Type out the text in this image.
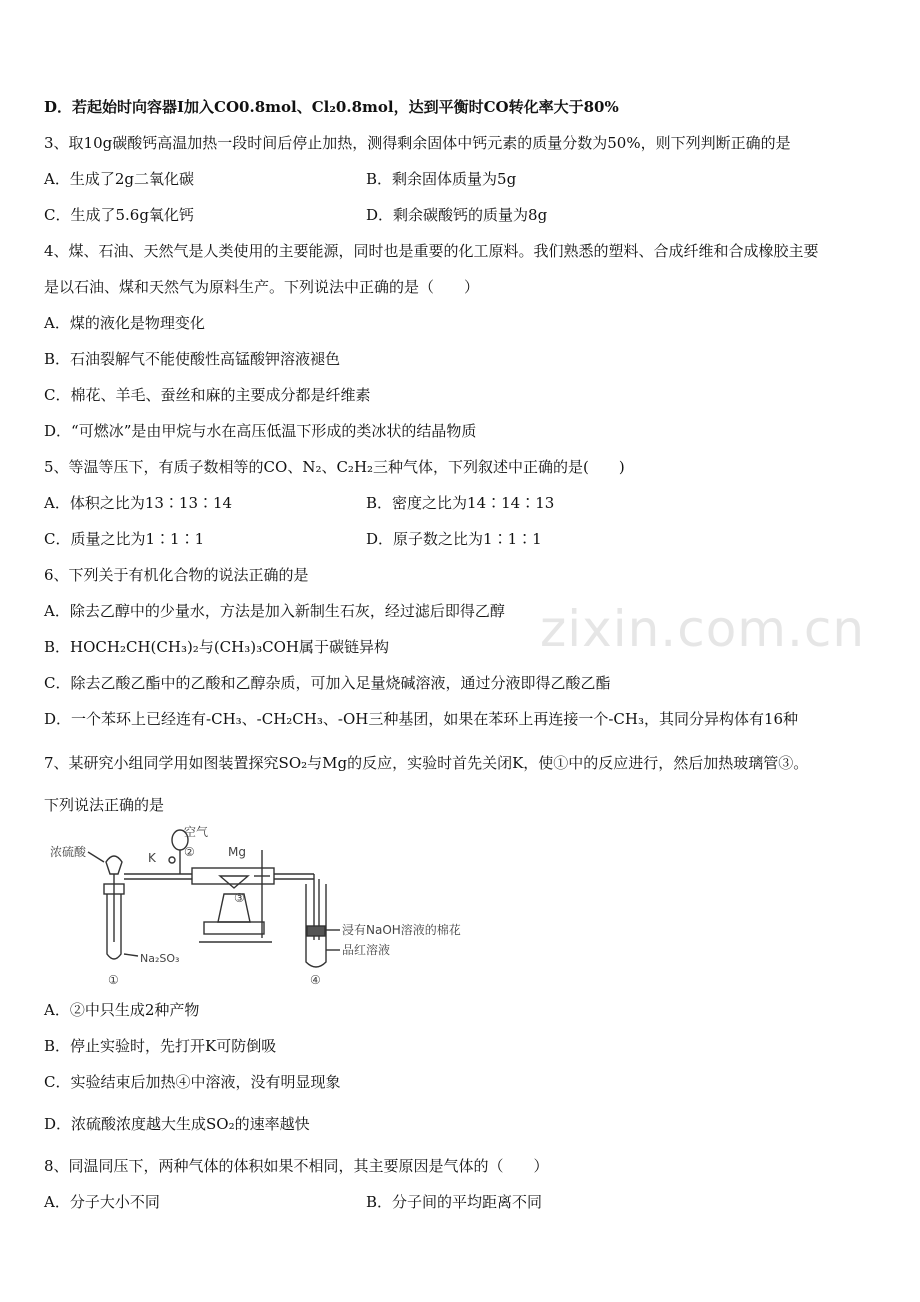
zixin.com.cn
D．若起始时向容器Ⅰ加入CO0.8mol、Cl₂0.8mol，达到平衡时CO转化率大于80%
3、取10g碳酸钙高温加热一段时间后停止加热，测得剩余固体中钙元素的质量分数为50%，则下列判断正确的是
A．生成了2g二氧化碳	B．剩余固体质量为5g
C．生成了5.6g氧化钙	D．剩余碳酸钙的质量为8g
4、煤、石油、天然气是人类使用的主要能源，同时也是重要的化工原料。我们熟悉的塑料、合成纤维和合成橡胶主要
是以石油、煤和天然气为原料生产。下列说法中正确的是（　　）
A．煤的液化是物理变化
B．石油裂解气不能使酸性高锰酸钾溶液褪色
C．棉花、羊毛、蚕丝和麻的主要成分都是纤维素
D．“可燃冰”是由甲烷与水在高压低温下形成的类冰状的结晶物质
5、等温等压下，有质子数相等的CO、N₂、C₂H₂三种气体，下列叙述中正确的是(　　)
A．体积之比为13∶13∶14	B．密度之比为14∶14∶13
C．质量之比为1∶1∶1	D．原子数之比为1∶1∶1
6、下列关于有机化合物的说法正确的是
A．除去乙醇中的少量水，方法是加入新制生石灰，经过滤后即得乙醇
B．HOCH₂CH(CH₃)₂与(CH₃)₃COH属于碳链异构
C．除去乙酸乙酯中的乙酸和乙醇杂质，可加入足量烧碱溶液，通过分液即得乙酸乙酯
D．一个苯环上已经连有-CH₃、-CH₂CH₃、-OH三种基团，如果在苯环上再连接一个-CH₃，其同分异构体有16种
7、某研究小组同学用如图装置探究SO₂与Mg的反应，实验时首先关闭K，使①中的反应进行，然后加热玻璃管③。
下列说法正确的是
浓硫酸	K
空气
②	Mg
③
Na₂SO₃
①
浸有NaOH溶液的棉花
品红溶液
④
A．②中只生成2种产物
B．停止实验时，先打开K可防倒吸
C．实验结束后加热④中溶液，没有明显现象
D．浓硫酸浓度越大生成SO₂的速率越快
8、同温同压下，两种气体的体积如果不相同，其主要原因是气体的（　　）
A．分子大小不同	B．分子间的平均距离不同
